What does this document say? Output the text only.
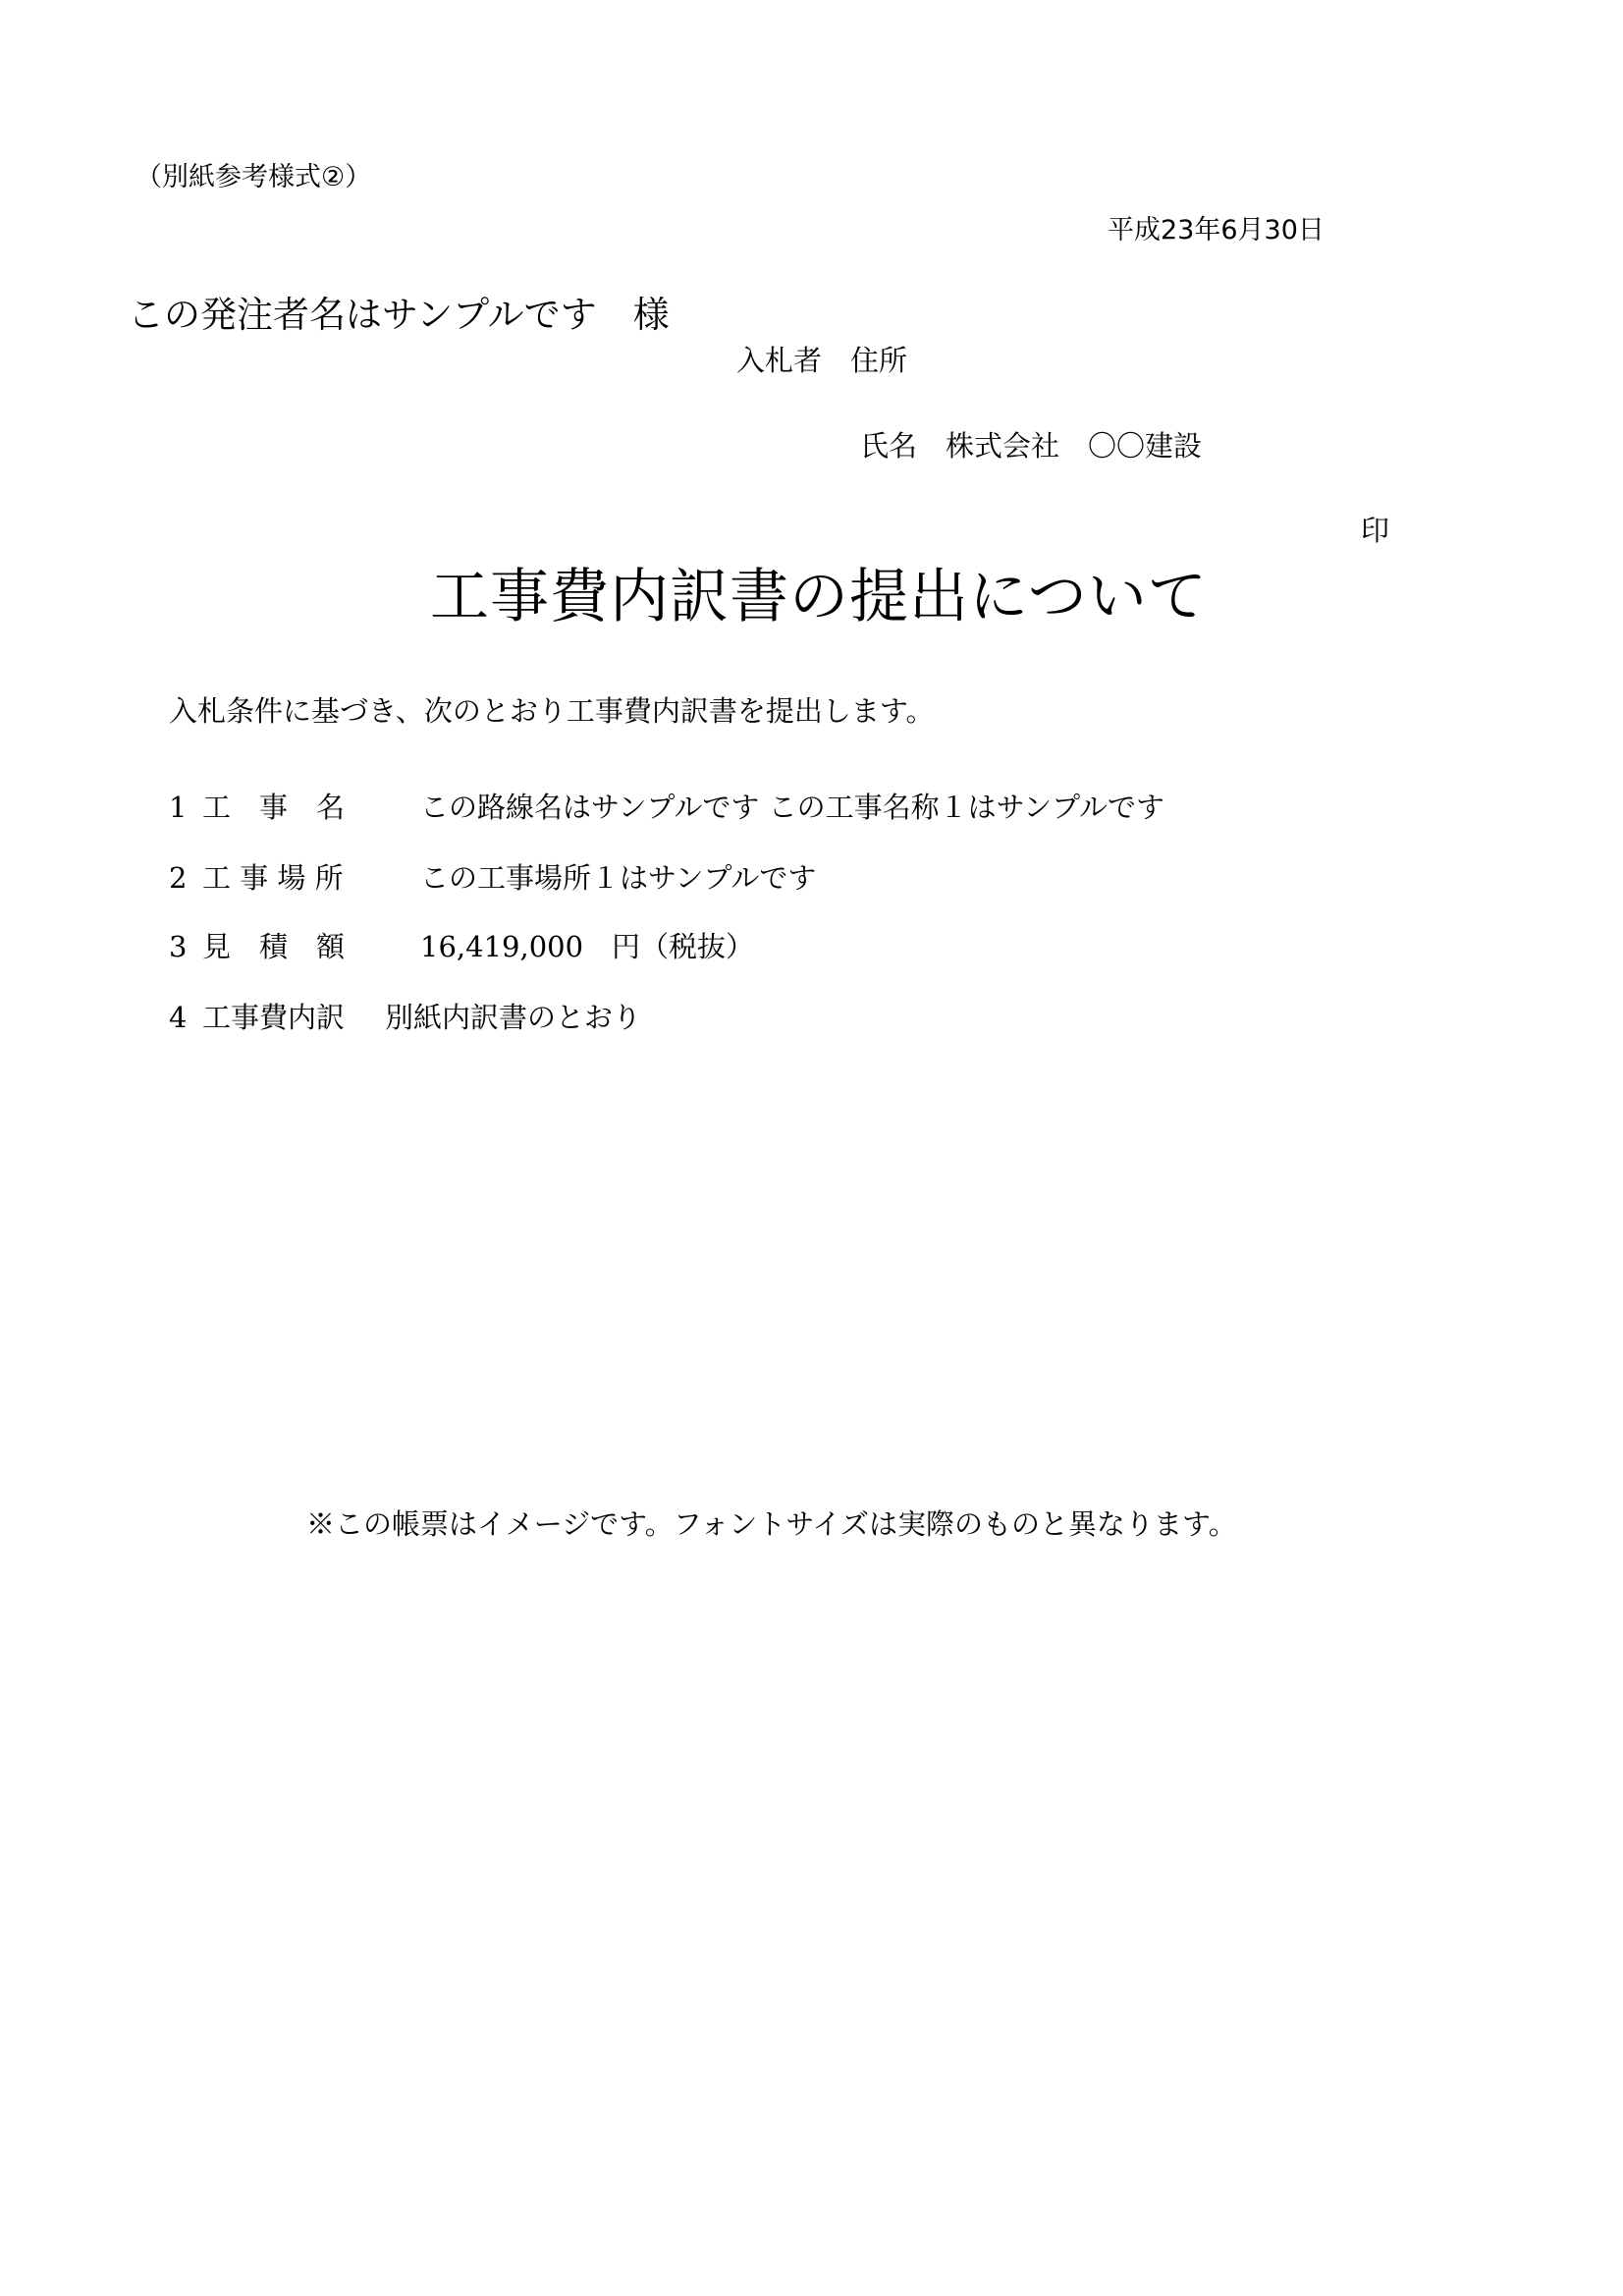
（別紙参考様式②）
平成23年6月30日
この発注者名はサンプルです　様
入札者　住所
氏名　 株式会社　〇〇建設
印
工事費内訳書の提出について
入札条件に基づき、次のとおり工事費内訳書を提出します。
1 工　事　名	この路線名はサンプルです この工事名称１はサンプルです
2 工 事 場 所	この工事場所１はサンプルです
3 見　積　額	16,419,000　円（税抜）
4 工事費内訳	別紙内訳書のとおり
※この帳票はイメージです。フォントサイズは実際のものと異なります。
